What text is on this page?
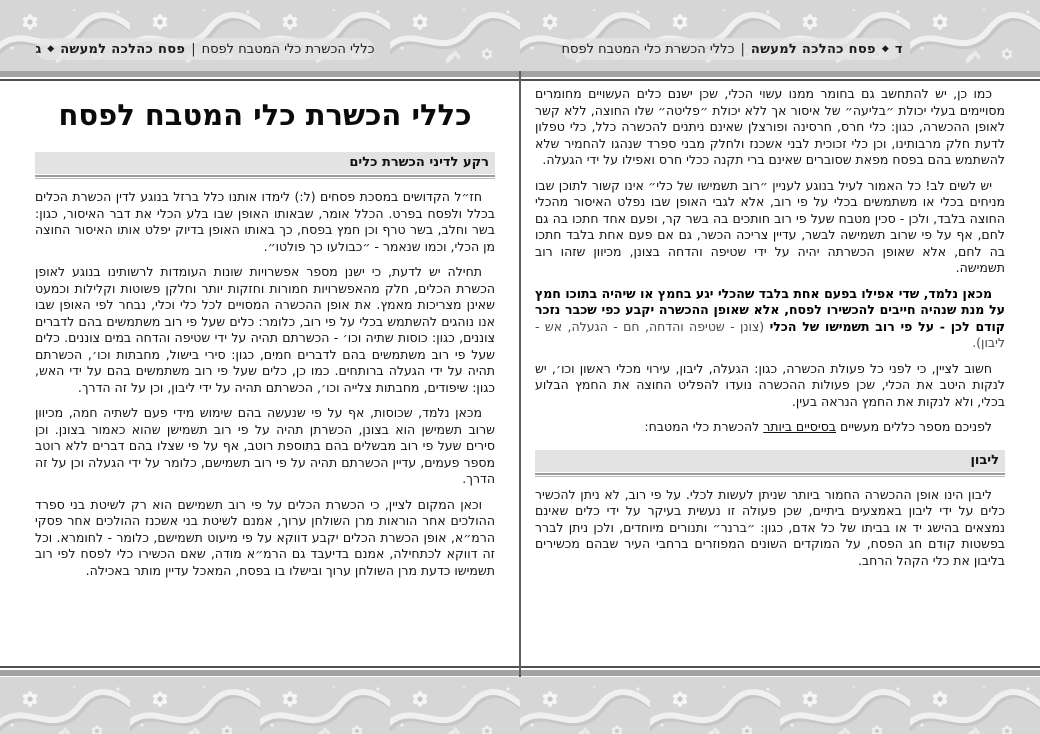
כללי הכשרת כלי המטבח לפסח
|
פסח כהלכה למעשה
◆
ג	ד
◆
פסח כהלכה למעשה
|
כללי הכשרת כלי המטבח לפסח
כללי הכשרת כלי המטבח לפסח
רקע לדיני הכשרת כלים

חז״ל הקדושים במסכת פסחים (ל:) לימדו אותנו כלל ברזל בנוגע לדין הכשרת הכלים בכלל ולפסח בפרט. הכלל אומר, שבאותו האופן שבו בלע הכלי את דבר האיסור, כגון: בשר וחלב, בשר טרף וכן חמץ בפסח, כך באותו האופן בדיוק יפלט אותו האיסור החוצה מן הכלי, וכמו שנאמר - ״כבולעו כך פולטו״.

תחילה יש לדעת, כי ישנן מספר אפשרויות שונות העומדות לרשותינו בנוגע לאופן הכשרת הכלים, חלק מהאפשרויות חמורות וחזקות יותר וחלקן פשוטות וקלילות וכמעט שאינן מצריכות מאמץ. את אופן ההכשרה המסויים לכל כלי וכלי, נבחר לפי האופן שבו אנו נוהגים להשתמש בכלי על פי רוב, כלומר: כלים שעל פי רוב משתמשים בהם לדברים צוננים, כגון: כוסות שתיה וכו׳ - הכשרתם תהיה על ידי שטיפה והדחה במים צוננים. כלים שעל פי רוב משתמשים בהם לדברים חמים, כגון: סירי בישול, מחבתות וכו׳, הכשרתם תהיה על ידי הגעלה ברותחים. כמו כן, כלים שעל פי רוב משתמשים בהם על ידי האש, כגון: שיפודים, מחבתות צלייה וכו׳, הכשרתם תהיה על ידי ליבון, וכן על זה הדרך.

מכאן נלמד, שכוסות, אף על פי שנעשה בהם שימוש מידי פעם לשתיה חמה, מכיוון שרוב תשמישן הוא בצונן, הכשרתן תהיה על פי רוב תשמישן שהוא כאמור בצונן. וכן סירים שעל פי רוב מבשלים בהם בתוספת רוטב, אף על פי שצלו בהם דברים ללא רוטב מספר פעמים, עדיין הכשרתם תהיה על פי רוב תשמישם, כלומר על ידי הגעלה וכן על זה הדרך.

וכאן המקום לציין, כי הכשרת הכלים על פי רוב תשמישם הוא רק לשיטת בני ספרד ההולכים אחר הוראות מרן השולחן ערוך, אמנם לשיטת בני אשכנז ההולכים אחר פסקי הרמ״א, אופן הכשרת הכלים יקבע דווקא על פי מיעוט תשמישם, כלומר - לחומרא. וכל זה דווקא לכתחילה, אמנם בדיעבד גם הרמ״א מודה, שאם הכשירו כלי לפסח לפי רוב תשמישו כדעת מרן השולחן ערוך ובישלו בו בפסח, המאכל עדיין מותר באכילה.

כמו כן, יש להתחשב גם בחומר ממנו עשוי הכלי, שכן ישנם כלים העשויים מחומרים מסויימים בעלי יכולת ״בליעה״ של איסור אך ללא יכולת ״פליטה״ שלו החוצה, ללא קשר לאופן ההכשרה, כגון: כלי חרס, חרסינה ופורצלן שאינם ניתנים להכשרה כלל, כלי טפלון לדעת חלק מרבותינו, וכן כלי זכוכית לבני אשכנז ולחלק מבני ספרד שנהגו להחמיר שלא להשתמש בהם בפסח מפאת שסוברים שאינם ברי תקנה ככלי חרס ואפילו על ידי הגעלה.

יש לשים לב! כל האמור לעיל בנוגע לעניין ״רוב תשמישו של כלי״ אינו קשור לתוכן שבו מניחים בכלי או משתמשים בכלי על פי רוב, אלא לגבי האופן שבו נפלט האיסור מהכלי החוצה בלבד, ולכן - סכין מטבח שעל פי רוב חותכים בה בשר קר, ופעם אחד חתכו בה גם לחם, אף על פי שרוב תשמישה לבשר, עדיין צריכה הכשר, גם אם פעם אחת בלבד חתכו בה לחם, אלא שאופן הכשרתה יהיה על ידי שטיפה והדחה בצונן, מכיוון שזהו רוב תשמישה.

מכאן נלמד, שדי אפילו בפעם אחת בלבד שהכלי יגע בחמץ או שיהיה בתוכו חמץ על מנת שנהיה חייבים להכשירו לפסח, אלא שאופן ההכשרה יקבע כפי שכבר נזכר קודם לכן - על פי רוב תשמישו של הכלי (צונן - שטיפה והדחה, חם - הגעלה, אש - ליבון).

חשוב לציין, כי לפני כל פעולת הכשרה, כגון: הגעלה, ליבון, עירוי מכלי ראשון וכו׳, יש לנקות היטב את הכלי, שכן פעולות ההכשרה נועדו להפליט החוצה את החמץ הבלוע בכלי, ולא לנקות את החמץ הנראה בעין.

לפניכם מספר כללים מעשיים בסיסיים ביותר להכשרת כלי המטבח:

ליבון

ליבון הינו אופן ההכשרה החמור ביותר שניתן לעשות לכלי. על פי רוב, לא ניתן להכשיר כלים על ידי ליבון באמצעים ביתיים, שכן פעולה זו נעשית בעיקר על ידי כלים שאינם נמצאים בהישג יד או בביתו של כל אדם, כגון: ״ברנר״ ותנורים מיוחדים, ולכן ניתן לברר בפשטות קודם חג הפסח, על המוקדים השונים המפוזרים ברחבי העיר שבהם מכשירים בליבון את כלי הקהל הרחב.
